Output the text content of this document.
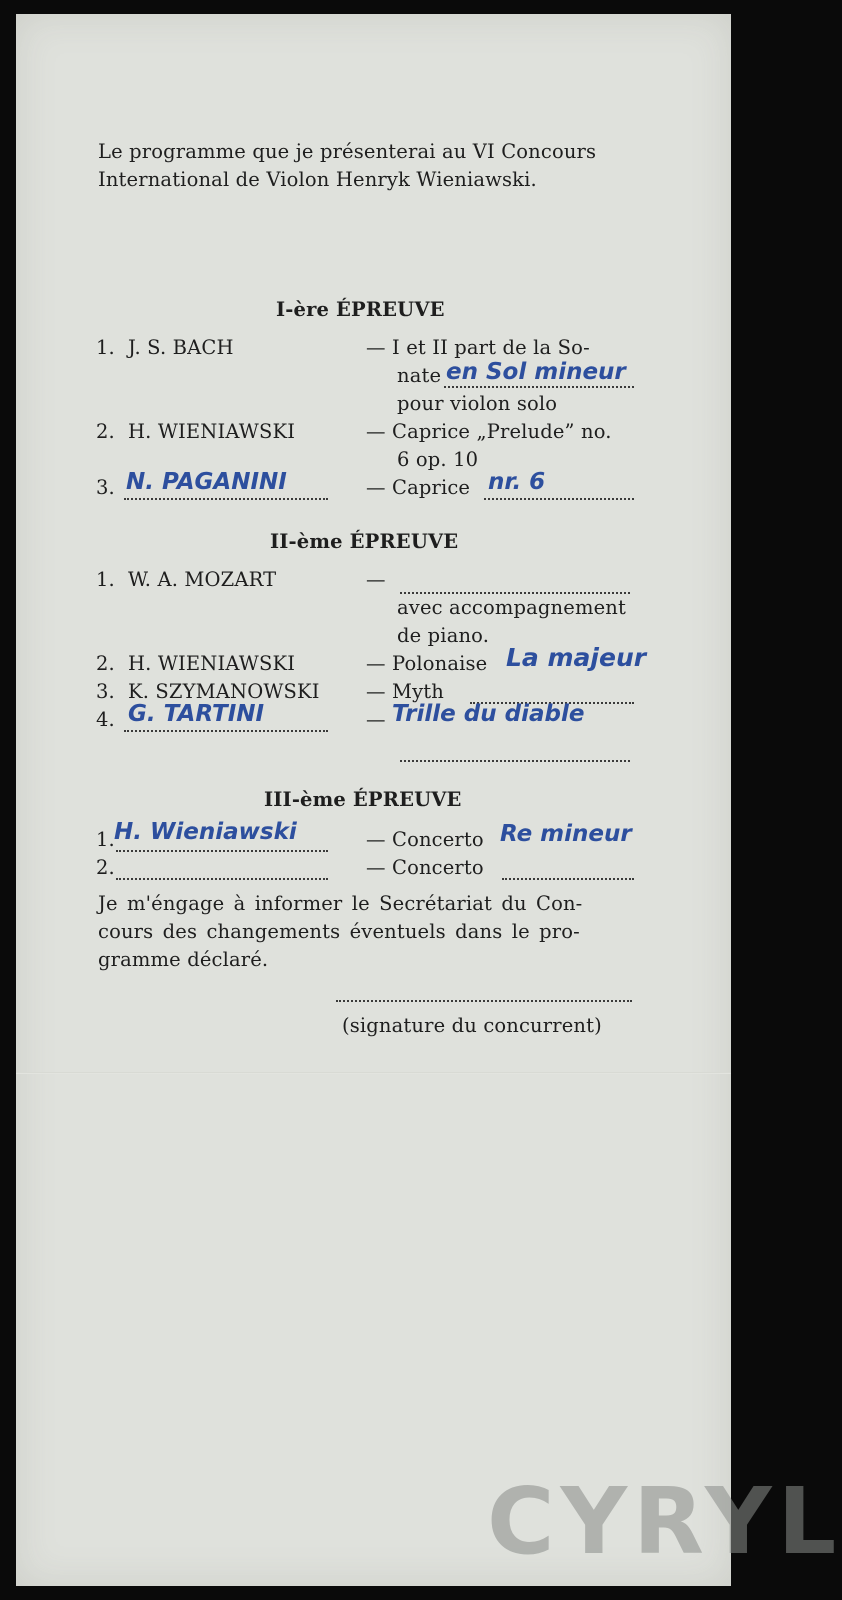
Le programme que je présenterai au VI Concours
International de Violon Henryk Wieniawski.
I-ère ÉPREUVE
1. J. S. BACH	— I et II part de la So-
nate en Sol mineur
pour violon solo
2. H. WIENIAWSKI	— Caprice „Prelude” no.
6 op. 10
3. N. PAGANINI	— Caprice nr. 6
II-ème ÉPREUVE
1. W. A. MOZART	—
avec accompagnement
de piano.
2. H. WIENIAWSKI	— Polonaise La majeur
3. K. SZYMANOWSKI — Myth
4. G. TARTINI	— Trille du diable
III-ème ÉPREUVE
1. H. Wieniawski	— Concerto Re mineur
2.	— Concerto
Je m'éngage à informer le Secrétariat du Con-
cours des changements éventuels dans le pro-
gramme déclaré.
(signature du concurrent)
CYRYL
